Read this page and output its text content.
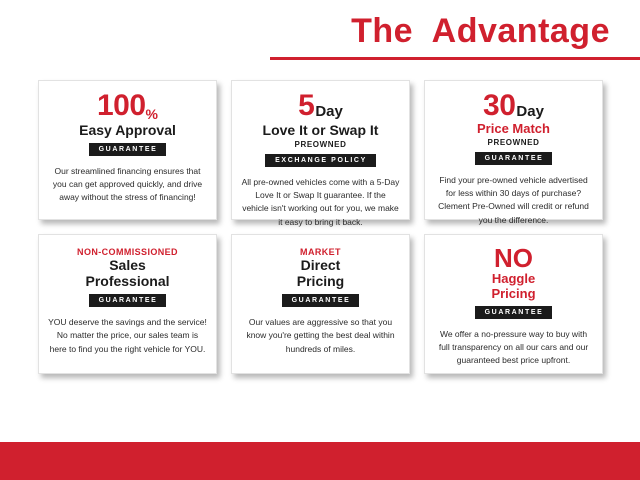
The  Advantage
100 %
Easy Approval
GUARANTEE
Our streamlined financing ensures that you can get approved quickly, and drive away without the stress of financing!
5 Day
Love It or Swap It
PREOWNED
EXCHANGE POLICY
All pre-owned vehicles come with a 5-Day Love It or Swap It guarantee. If the vehicle isn't working out for you, we make it easy to bring it back.
30 Day
Price Match
PREOWNED
GUARANTEE
Find your pre-owned vehicle advertised for less within 30 days of purchase? Clement Pre-Owned will credit or refund you the difference.
NON-COMMISSIONED
Sales
Professional
GUARANTEE
YOU deserve the savings and the service! No matter the price, our sales team is here to find you the right vehicle for YOU.
MARKET
Direct
Pricing
GUARANTEE
Our values are aggressive so that you know you're getting the best deal within hundreds of miles.
NO
Haggle
Pricing
GUARANTEE
We offer a no-pressure way to buy with full transparency on all our cars and our guaranteed best price upfront.
